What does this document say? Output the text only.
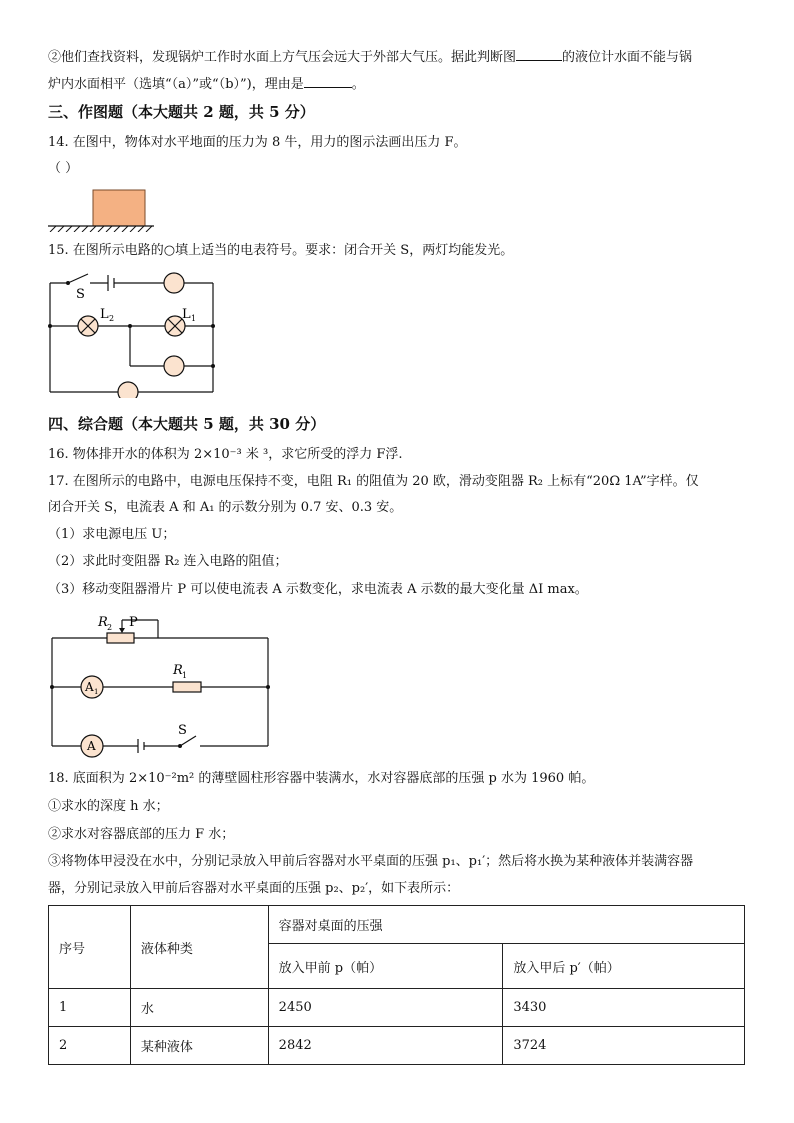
②他们查找资料，发现锅炉工作时水面上方气压会远大于外部大气压。据此判断图	的液位计水面不能与锅
炉内水面相平（选填“（a）”或“（b）”)，理由是	。
三、作图题（本大题共 2 题，共 5 分）
14. 在图中，物体对水平地面的压力为 8 牛，用力的图示法画出压力 F。
（ ）
15. 在图所示电路的○填上适当的电表符号。要求：闭合开关 S，两灯均能发光。
S
L 2	L 1
四、综合题（本大题共 5 题，共 30 分）
16. 物体排开水的体积为 2×10⁻³ 米 ³，求它所受的浮力 F浮.
17. 在图所示的电路中，电源电压保持不变，电阻 R₁ 的阻值为 20 欧，滑动变阻器 R₂ 上标有“20Ω 1A”字样。仅
闭合开关 S，电流表 A 和 A₁ 的示数分别为 0.7 安、0.3 安。
（1）求电源电压 U；
（2）求此时变阻器 R₂ 连入电路的阻值；
（3）移动变阻器滑片 P 可以使电流表 A 示数变化，求电流表 A 示数的最大变化量 ΔI max。
R 2 P
R 1
A 1
A
S
18. 底面积为 2×10⁻²m² 的薄壁圆柱形容器中装满水，水对容器底部的压强 p 水为 1960 帕。
①求水的深度 h 水；
②求水对容器底部的压力 F 水；
③将物体甲浸没在水中，分别记录放入甲前后容器对水平桌面的压强 p₁、p₁′；然后将水换为某种液体并装满容器
器，分别记录放入甲前后容器对水平桌面的压强 p₂、p₂′，如下表所示：
序号	液体种类	容器对桌面的压强	
		放入甲前 p（帕）	放入甲后 p′（帕）
1	水	2450	3430
2	某种液体	2842	3724
